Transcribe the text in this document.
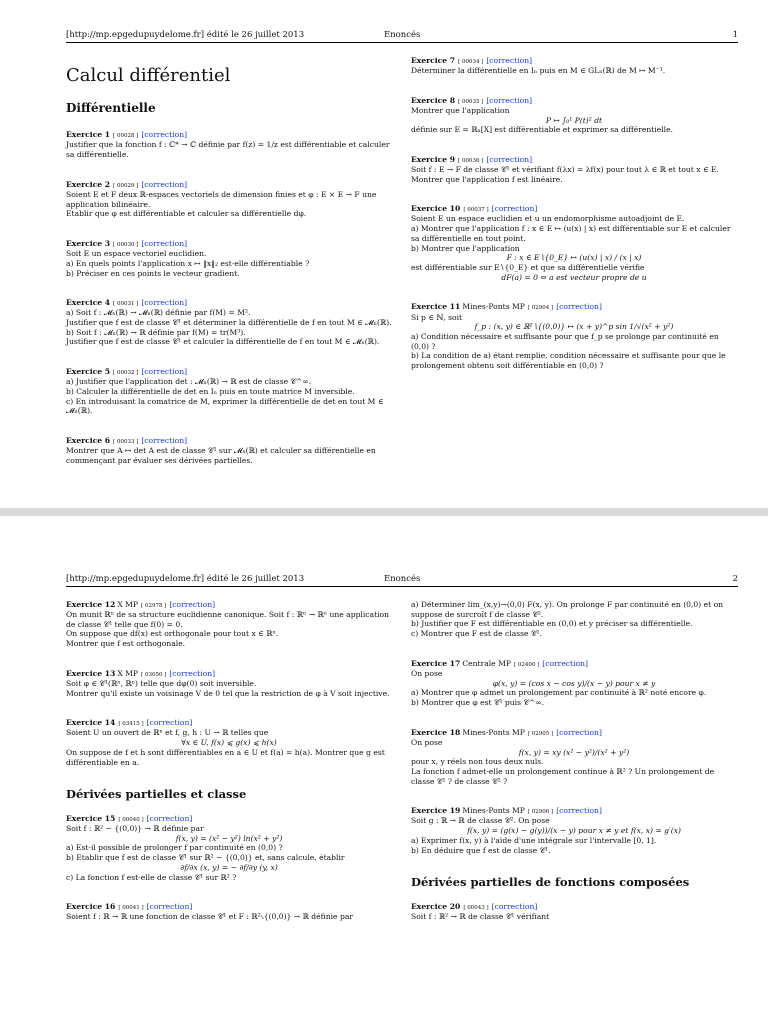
[http://mp.epgedupuydelome.fr] édité le 26 juillet 2013	Enoncés	1
Calcul différentiel
Différentielle

Exercice 1 [ 00028 ] [correction]

Justifier que la fonction f : ℂ* → ℂ définie par f(z) = 1/z est différentiable et calculer sa différentielle.

Exercice 2 [ 00029 ] [correction]

Soient E et F deux ℝ-espaces vectoriels de dimension finies et φ : E × E → F une application bilinéaire.

Etablir que φ est différentiable et calculer sa différentielle dφ.

Exercice 3 [ 00030 ] [correction]

Soit E un espace vectoriel euclidien.

a) En quels points l'application x ↦ ‖x‖₂ est-elle différentiable ?

b) Préciser en ces points le vecteur gradient.

Exercice 4 [ 00031 ] [correction]

a) Soit f : 𝓜ₙ(ℝ) → 𝓜ₙ(ℝ) définie par f(M) = M².

Justifier que f est de classe 𝒞¹ et déterminer la différentielle de f en tout M ∈ 𝓜ₙ(ℝ).

b) Soit f : 𝓜ₙ(ℝ) → ℝ définie par f(M) = tr(M³).

Justifier que f est de classe 𝒞¹ et calculer la différentielle de f en tout M ∈ 𝓜ₙ(ℝ).

Exercice 5 [ 00032 ] [correction]

a) Justifier que l'application det : 𝓜ₙ(ℝ) → ℝ est de classe 𝒞^∞.

b) Calculer la différentielle de det en Iₙ puis en toute matrice M inversible.

c) En introduisant la comatrice de M, exprimer la différentielle de det en tout M ∈ 𝓜ₙ(ℝ).

Exercice 6 [ 00033 ] [correction]

Montrer que A ↦ det A est de classe 𝒞¹ sur 𝓜ₙ(ℝ) et calculer sa différentielle en commençant par évaluer ses dérivées partielles.

Exercice 7 [ 00034 ] [correction]

Déterminer la différentielle en Iₙ puis en M ∈ GLₙ(ℝ) de M ↦ M⁻¹.

Exercice 8 [ 00035 ] [correction]

Montrer que l'application

P ↦ ∫₀¹ P(t)² dt

définie sur E = ℝₙ[X] est différentiable et exprimer sa différentielle.

Exercice 9 [ 00036 ] [correction]

Soit f : E → F de classe 𝒞¹ et vérifiant f(λx) = λf(x) pour tout λ ∈ ℝ et tout x ∈ E.

Montrer que l'application f est linéaire.

Exercice 10 [ 00037 ] [correction]

Soient E un espace euclidien et u un endomorphisme autoadjoint de E.

a) Montrer que l'application f : x ∈ E ↦ (u(x) | x) est différentiable sur E et calculer sa différentielle en tout point.

b) Montrer que l'application

F : x ∈ E∖{0_E} ↦ (u(x) | x) / (x | x)

est différentiable sur E∖{0_E} et que sa différentielle vérifie

dF(a) = 0 ⇔ a est vecteur propre de u

Exercice 11 Mines-Ponts MP [ 02904 ] [correction]

Si p ∈ ℕ, soit

f_p : (x, y) ∈ ℝ²∖{(0,0)} ↦ (x + y)^p sin 1/√(x² + y²)

a) Condition nécessaire et suffisante pour que f_p se prolonge par continuité en (0,0) ?

b) La condition de a) étant remplie, condition nécessaire et suffisante pour que le prolongement obtenu soit différentiable en (0,0) ?

[http://mp.epgedupuydelome.fr] édité le 26 juillet 2013	Enoncés	2

Exercice 12 X MP [ 02978 ] [correction]

On munit ℝⁿ de sa structure euclidienne canonique. Soit f : ℝⁿ → ℝⁿ une application de classe 𝒞¹ telle que f(0) = 0.

On suppose que df(x) est orthogonale pour tout x ∈ ℝⁿ.

Montrer que f est orthogonale.

Exercice 13 X MP [ 03050 ] [correction]

Soit φ ∈ 𝒞¹(ℝⁿ, ℝⁿ) telle que dφ(0) soit inversible.

Montrer qu'il existe un voisinage V de 0 tel que la restriction de φ à V soit injective.

Exercice 14 [ 03415 ] [correction]

Soient U un ouvert de ℝⁿ et f, g, h : U → ℝ telles que

∀x ∈ U, f(x) ⩽ g(x) ⩽ h(x)

On suppose de f et h sont différentiables en a ∈ U et f(a) = h(a). Montrer que g est différentiable en a.

Dérivées partielles et classe

Exercice 15 [ 00040 ] [correction]

Soit f : ℝ² − {(0,0)} → ℝ définie par

f(x, y) = (x² − y²) ln(x² + y²)

a) Est-il possible de prolonger f par continuité en (0,0) ?

b) Etablir que f est de classe 𝒞¹ sur ℝ² − {(0,0)} et, sans calcule, établir

∂f/∂x (x, y) = − ∂f/∂y (y, x)

c) La fonction f est-elle de classe 𝒞¹ sur ℝ² ?

Exercice 16 [ 00041 ] [correction]

Soient f : ℝ → ℝ une fonction de classe 𝒞¹ et F : ℝ²∖{(0,0)} → ℝ définie par

a) Déterminer lim_(x,y)→(0,0) F(x, y). On prolonge F par continuité en (0,0) et on suppose de surcroît f de classe 𝒞².

b) Justifier que F est différentiable en (0,0) et y préciser sa différentielle.

c) Montrer que F est de classe 𝒞¹.

Exercice 17 Centrale MP [ 02400 ] [correction]

On pose

φ(x, y) = (cos x − cos y)/(x − y) pour x ≠ y

a) Montrer que φ admet un prolongement par continuité à ℝ² noté encore φ.

b) Montrer que φ est 𝒞¹ puis 𝒞^∞.

Exercice 18 Mines-Ponts MP [ 02905 ] [correction]

On pose

f(x, y) = xy (x² − y²)/(x² + y²)

pour x, y réels non tous deux nuls.

La fonction f admet-elle un prolongement continue à ℝ² ? Un prolongement de classe 𝒞¹ ? de classe 𝒞² ?

Exercice 19 Mines-Ponts MP [ 02906 ] [correction]

Soit g : ℝ → ℝ de classe 𝒞². On pose

f(x, y) = (g(x) − g(y))/(x − y) pour x ≠ y et f(x, x) = g′(x)

a) Exprimer f(x, y) à l'aide d'une intégrale sur l'intervalle [0, 1].

b) En déduire que f est de classe 𝒞¹.

Dérivées partielles de fonctions composées

Exercice 20 [ 00043 ] [correction]

Soit f : ℝ² → ℝ de classe 𝒞¹ vérifiant
